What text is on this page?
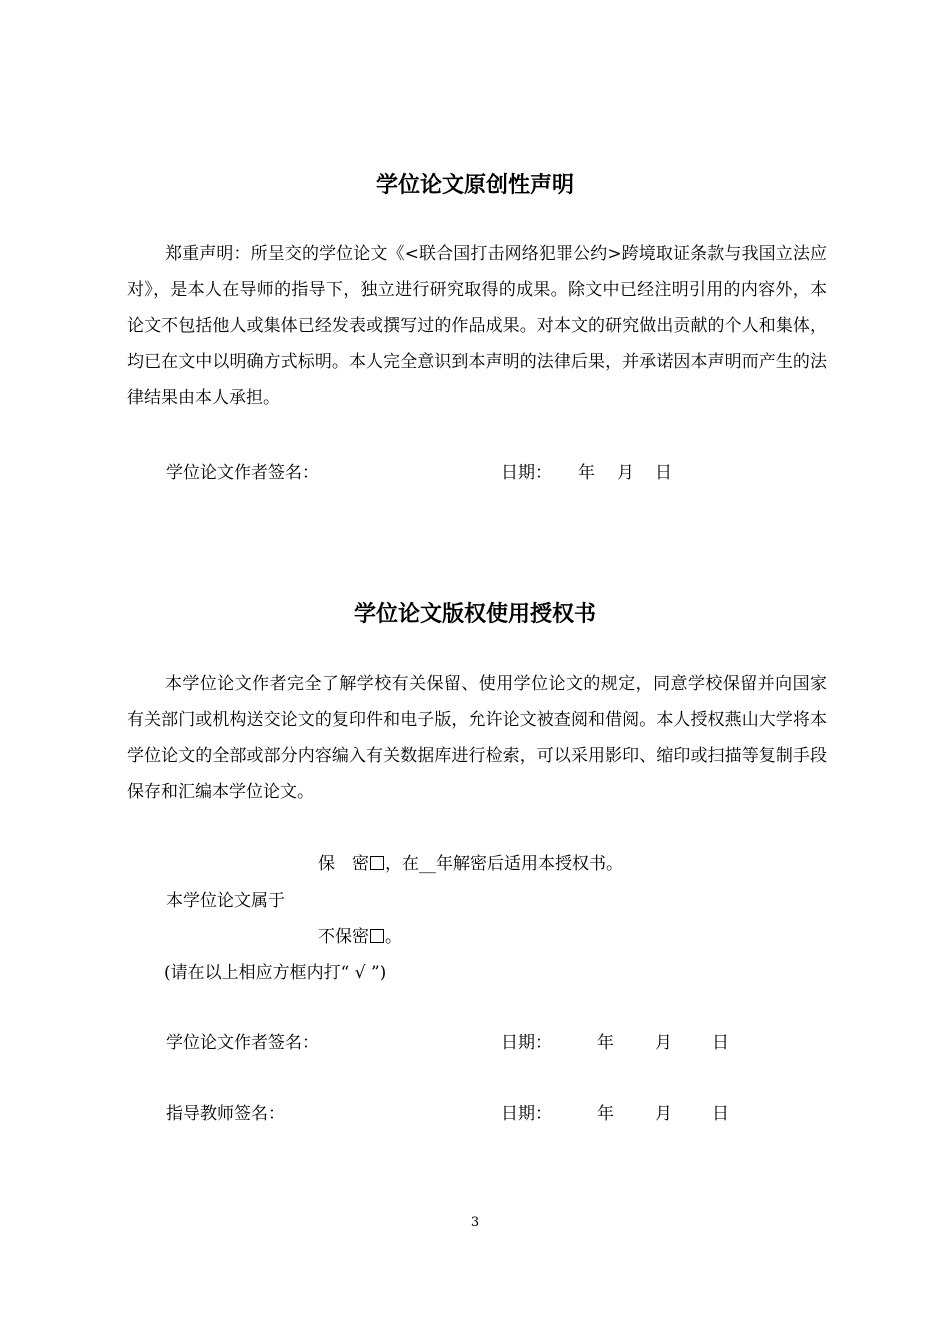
学位论文原创性声明

郑重声明：所呈交的学位论文《<联合国打击网络犯罪公约>跨境取证条款与我国立法应对》，是本人在导师的指导下，独立进行研究取得的成果。除文中已经注明引用的内容外，本论文不包括他人或集体已经发表或撰写过的作品成果。对本文的研究做出贡献的个人和集体，均已在文中以明确方式标明。本人完全意识到本声明的法律后果，并承诺因本声明而产生的法律结果由本人承担。

学位论文作者签名：	日期： 年 月 日
学位论文版权使用授权书

本学位论文作者完全了解学校有关保留、使用学位论文的规定，同意学校保留并向国家有关部门或机构送交论文的复印件和电子版，允许论文被查阅和借阅。本人授权燕山大学将本学位论文的全部或部分内容编入有关数据库进行检索，可以采用影印、缩印或扫描等复制手段保存和汇编本学位论文。

保　密 ，在__年解密后适用本授权书。
本学位论文属于
不保密 。
(请在以上相应方框内打“ √ ”)
学位论文作者签名：	日期：	年 月 日
指导教师签名：	日期：	年 月 日
3
